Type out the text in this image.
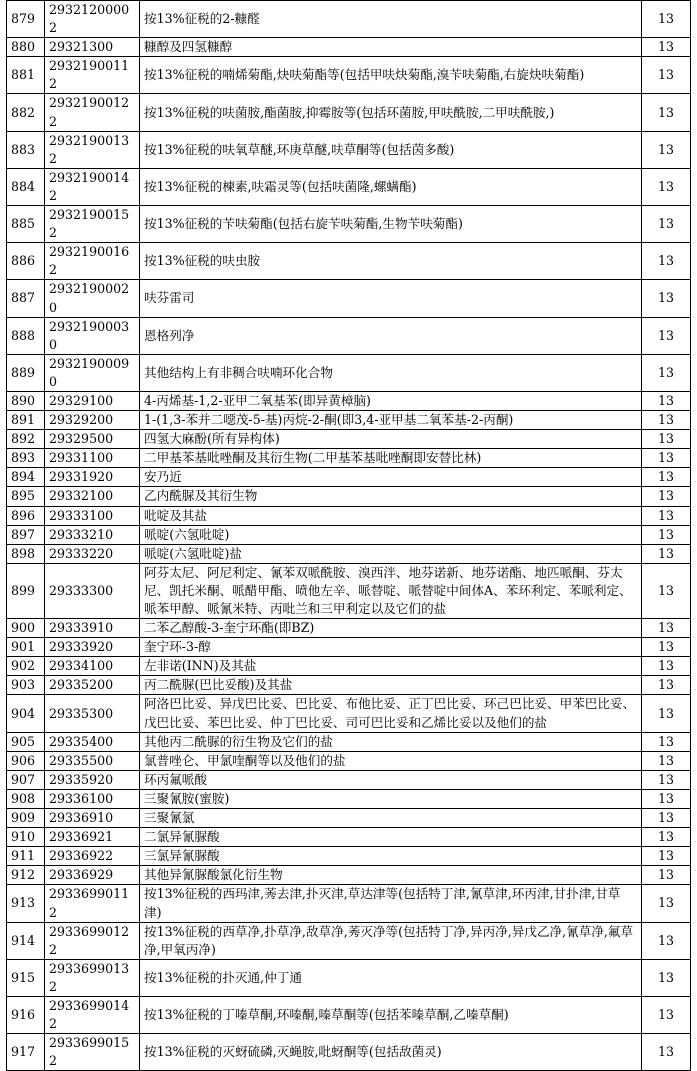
879	29321200002	按13%征税的2-糠醛	13
880	29321300	糠醇及四氢糠醇	13
881	29321900112	按13%征税的喃烯菊酯,炔呋菊酯等(包括甲呋炔菊酯,溴苄呋菊酯,右旋炔呋菊酯)	13
882	29321900122	按13%征税的呋菌胺,酯菌胺,抑霉胺等(包括环菌胺,甲呋酰胺,二甲呋酰胺,)	13
883	29321900132	按13%征税的呋氧草醚,环庚草醚,呋草酮等(包括茵多酸)	13
884	29321900142	按13%征税的楝素,呋霜灵等(包括呋菌隆,螺螨酯)	13
885	29321900152	按13%征税的苄呋菊酯(包括右旋苄呋菊酯,生物苄呋菊酯)	13
886	29321900162	按13%征税的呋虫胺	13
887	29321900020	呋芬雷司	13
888	29321900030	恩格列净	13
889	29321900090	其他结构上有非稠合呋喃环化合物	13
890	29329100	4-丙烯基-1,2-亚甲二氧基苯(即异黄樟脑)	13
891	29329200	1-(1,3-苯并二噁茂-5-基)丙烷-2-酮(即3,4-亚甲基二氧苯基-2-丙酮)	13
892	29329500	四氢大麻酚(所有异构体)	13
893	29331100	二甲基苯基吡唑酮及其衍生物(二甲基苯基吡唑酮即安替比林)	13
894	29331920	安乃近	13
895	29332100	乙内酰脲及其衍生物	13
896	29333100	吡啶及其盐	13
897	29333210	哌啶(六氢吡啶)	13
898	29333220	哌啶(六氢吡啶)盐	13
899	29333300	阿芬太尼、阿尼利定、氰苯双哌酰胺、溴西泮、地芬诺新、地芬诺酯、地匹哌酮、芬太尼、凯托米酮、哌醋甲酯、喷他左辛、哌替啶、哌替啶中间体A、苯环利定、苯哌利定、哌苯甲醇、哌氰米特、丙吡兰和三甲利定以及它们的盐	13
900	29333910	二苯乙醇酸-3-奎宁环酯(即BZ)	13
901	29333920	奎宁环-3-醇	13
902	29334100	左非诺(INN)及其盐	13
903	29335200	丙二酰脲(巴比妥酸)及其盐	13
904	29335300	阿洛巴比妥、异戊巴比妥、巴比妥、布他比妥、正丁巴比妥、环己巴比妥、甲苯巴比妥、戊巴比妥、苯巴比妥、仲丁巴比妥、司可巴比妥和乙烯比妥以及他们的盐	13
905	29335400	其他丙二酰脲的衍生物及它们的盐	13
906	29335500	氯普唑仑、甲氯喹酮等以及他们的盐	13
907	29335920	环丙氟哌酸	13
908	29336100	三聚氰胺(蜜胺)	13
909	29336910	三聚氰氯	13
910	29336921	二氯异氰脲酸	13
911	29336922	三氯异氰脲酸	13
912	29336929	其他异氰脲酸氯化衍生物	13
913	29336990112	按13%征税的西玛津,莠去津,扑灭津,草达津等(包括特丁津,氰草津,环丙津,甘扑津,甘草津)	13
914	29336990122	按13%征税的西草净,扑草净,敌草净,莠灭净等(包括特丁净,异丙净,异戊乙净,氰草净,氟草净,甲氧丙净)	13
915	29336990132	按13%征税的扑灭通,仲丁通	13
916	29336990142	按13%征税的丁嗪草酮,环嗪酮,嗪草酮等(包括苯嗪草酮,乙嗪草酮)	13
917	29336990152	按13%征税的灭蚜硫磷,灭蝇胺,吡蚜酮等(包括敌菌灵)	13
